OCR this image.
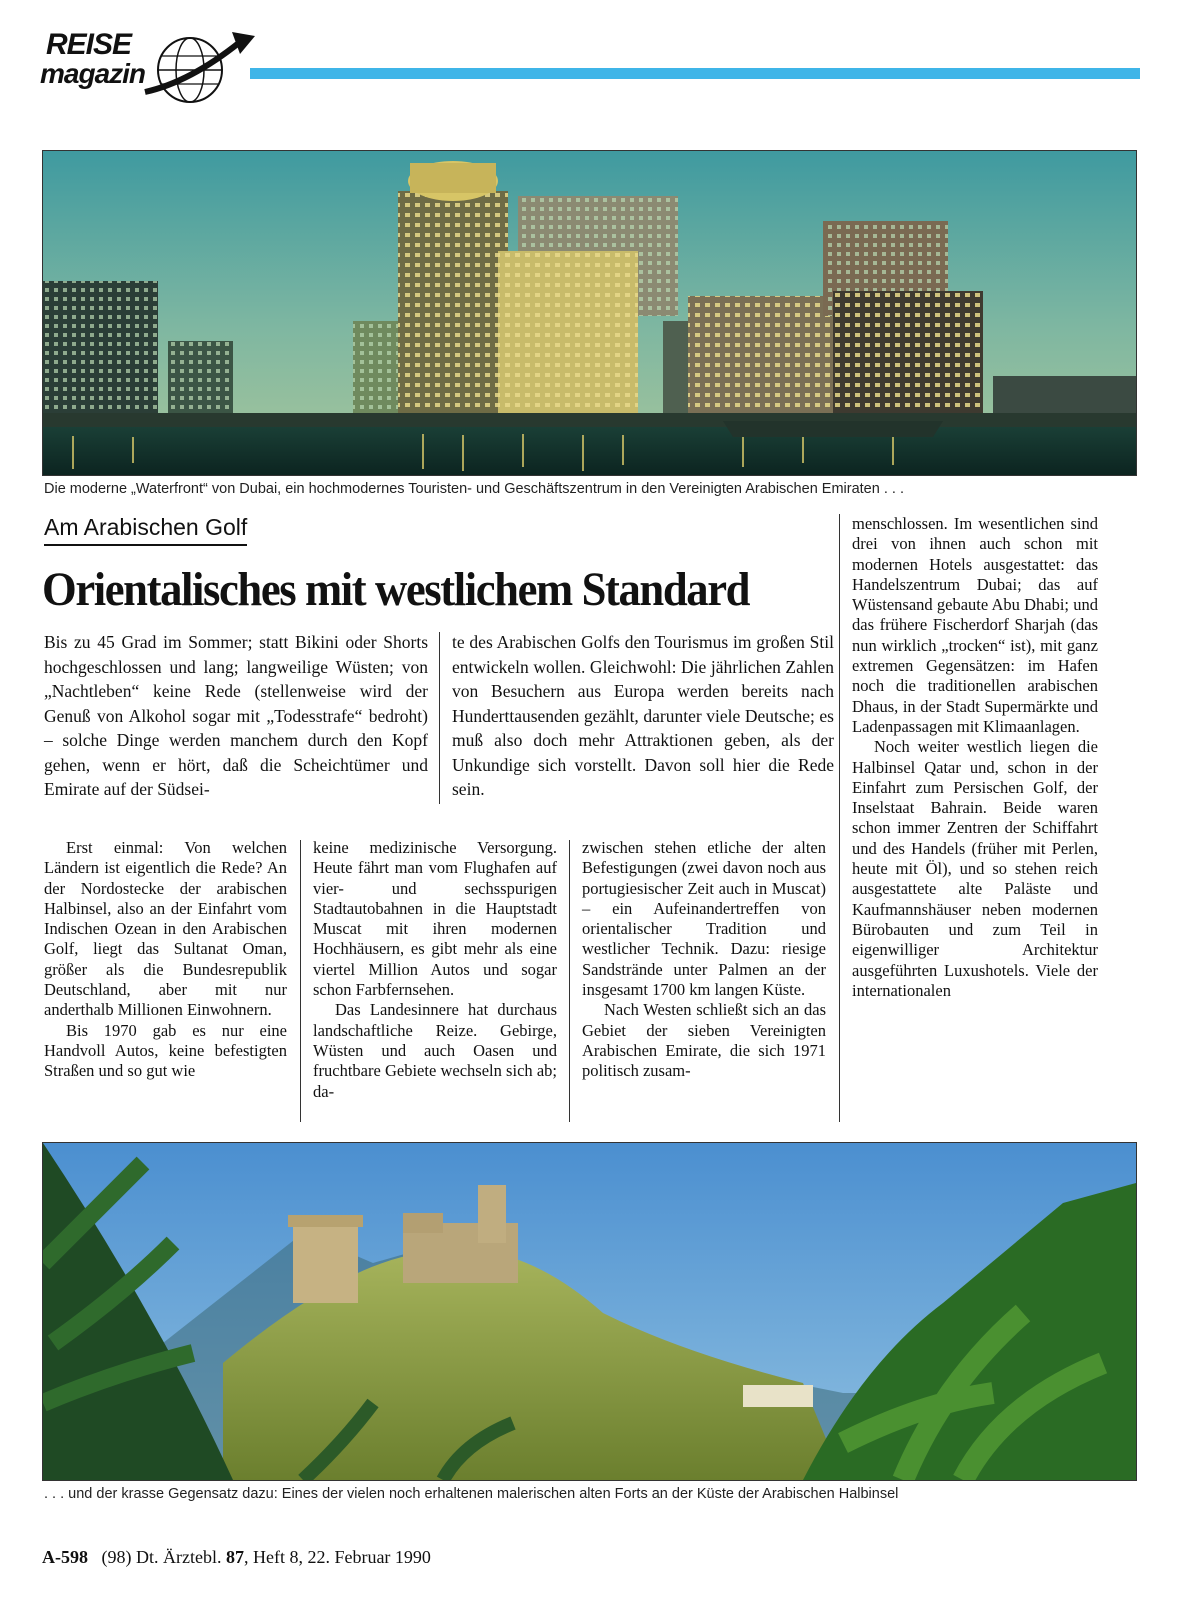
REISE
magazin
Die moderne „Waterfront“ von Dubai, ein hochmodernes Touristen- und Geschäftszentrum in den Vereinigten Arabischen Emiraten . . .
Am Arabischen Golf
Orientalisches mit westlichem Standard
Bis zu 45 Grad im Sommer; statt Bikini oder Shorts hochgeschlossen und lang; langweilige Wüsten; von „Nachtleben“ keine Rede (stellenweise wird der Genuß von Alkohol sogar mit „Todesstrafe“ bedroht) – solche Dinge werden manchem durch den Kopf gehen, wenn er hört, daß die Scheichtümer und Emirate auf der Südsei-
te des Arabischen Golfs den Tourismus im großen Stil entwickeln wollen. Gleichwohl: Die jährlichen Zahlen von Besuchern aus Europa werden bereits nach Hunderttausenden gezählt, darunter viele Deutsche; es muß also doch mehr Attraktionen geben, als der Unkundige sich vorstellt. Davon soll hier die Rede sein.

Erst einmal: Von welchen Ländern ist eigentlich die Rede? An der Nordostecke der arabischen Halbinsel, also an der Einfahrt vom Indischen Ozean in den Arabischen Golf, liegt das Sultanat Oman, größer als die Bundesrepublik Deutschland, aber mit nur anderthalb Millionen Einwohnern.

Bis 1970 gab es nur eine Handvoll Autos, keine befestigten Straßen und so gut wie

keine medizinische Versorgung. Heute fährt man vom Flughafen auf vier- und sechsspurigen Stadtautobahnen in die Hauptstadt Muscat mit ihren modernen Hochhäusern, es gibt mehr als eine viertel Million Autos und sogar schon Farbfernsehen.

Das Landesinnere hat durchaus landschaftliche Reize. Gebirge, Wüsten und auch Oasen und fruchtbare Gebiete wechseln sich ab; da-

zwischen stehen etliche der alten Befestigungen (zwei davon noch aus portugiesischer Zeit auch in Muscat) – ein Aufeinandertreffen von orientalischer Tradition und westlicher Technik. Dazu: riesige Sandstrände unter Palmen an der insgesamt 1700 km langen Küste.

Nach Westen schließt sich an das Gebiet der sieben Vereinigten Arabischen Emirate, die sich 1971 politisch zusam-

menschlossen. Im wesentlichen sind drei von ihnen auch schon mit modernen Hotels ausgestattet: das Handelszentrum Dubai; das auf Wüstensand gebaute Abu Dhabi; und das frühere Fischerdorf Sharjah (das nun wirklich „trocken“ ist), mit ganz extremen Gegensätzen: im Hafen noch die traditionellen arabischen Dhaus, in der Stadt Supermärkte und Ladenpassagen mit Klimaanlagen.

Noch weiter westlich liegen die Halbinsel Qatar und, schon in der Einfahrt zum Persischen Golf, der Inselstaat Bahrain. Beide waren schon immer Zentren der Schiffahrt und des Handels (früher mit Perlen, heute mit Öl), und so stehen reich ausgestattete alte Paläste und Kaufmannshäuser neben modernen Bürobauten und zum Teil in eigenwilliger Architektur ausgeführten Luxushotels. Viele der internationalen

. . . und der krasse Gegensatz dazu: Eines der vielen noch erhaltenen malerischen alten Forts an der Küste der Arabischen Halbinsel
A-598 (98) Dt. Ärztebl. 87, Heft 8, 22. Februar 1990
